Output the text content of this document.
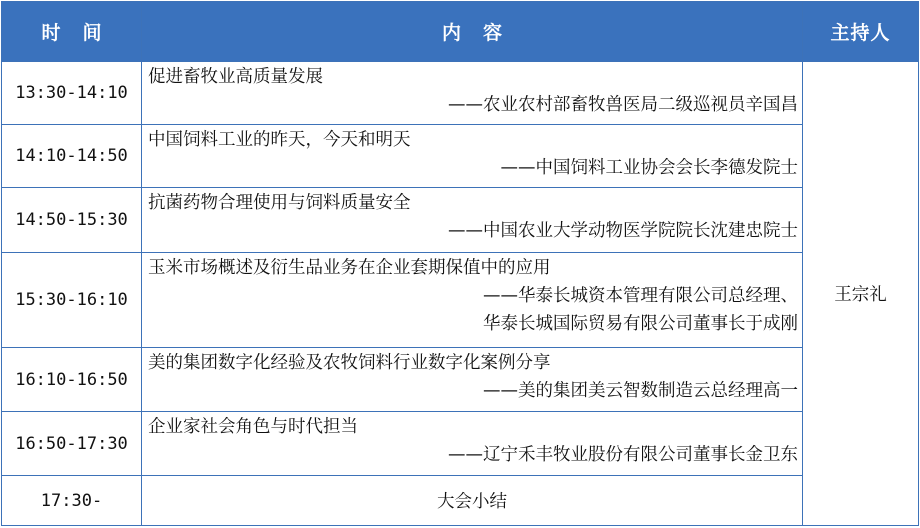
时间	内容	主持人
13:30-14:10	促进畜牧业高质量发展
——农业农村部畜牧兽医局二级巡视员辛国昌	王宗礼
14:10-14:50	中国饲料工业的昨天，今天和明天
——中国饲料工业协会会长李德发院士	

14:50-15:30	抗菌药物合理使用与饲料质量安全
——中国农业大学动物医学院院长沈建忠院士	

15:30-16:10	玉米市场概述及衍生品业务在企业套期保值中的应用
——华泰长城资本管理有限公司总经理、
华泰长城国际贸易有限公司董事长于成刚	

16:10-16:50	美的集团数字化经验及农牧饲料行业数字化案例分享
——美的集团美云智数制造云总经理高一	

16:50-17:30	企业家社会角色与时代担当
——辽宁禾丰牧业股份有限公司董事长金卫东	

17:30-	大会小结	
